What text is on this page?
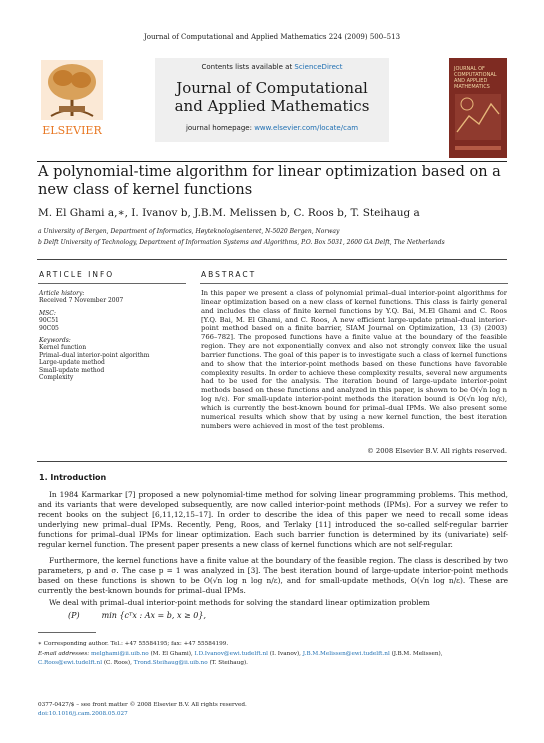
Journal of Computational and Applied Mathematics 224 (2009) 500–513
ELSEVIER
Contents lists available at ScienceDirect
Journal of Computational and Applied Mathematics
journal homepage: www.elsevier.com/locate/cam
JOURNAL OF COMPUTATIONAL AND APPLIED MATHEMATICS
A polynomial-time algorithm for linear optimization based on a new class of kernel functions
M. El Ghami a,∗, I. Ivanov b, J.B.M. Melissen b, C. Roos b, T. Steihaug a
a University of Bergen, Department of Informatics, Høyteknologisenteret, N-5020 Bergen, Norway
b Delft University of Technology, Department of Information Systems and Algorithms, P.O. Box 5031, 2600 GA Delft, The Netherlands
ARTICLE INFO	ABSTRACT
Article history:
Received 7 November 2007
MSC:
90C51
90C05
Keywords:
Kernel function
Primal–dual interior-point algorithm
Large-update method
Small-update method
Complexity
In this paper we present a class of polynomial primal–dual interior-point algorithms for linear optimization based on a new class of kernel functions. This class is fairly general and includes the class of finite kernel functions by Y.Q. Bai, M.El Ghami and C. Roos [Y.Q. Bai, M. El Ghami, and C. Roos, A new efficient large-update primal–dual interior-point method based on a finite barrier, SIAM Journal on Optimization, 13 (3) (2003) 766–782]. The proposed functions have a finite value at the boundary of the feasible region. They are not exponentially convex and also not strongly convex like the usual barrier functions. The goal of this paper is to investigate such a class of kernel functions and to show that the interior-point methods based on these functions have favorable complexity results. In order to achieve these complexity results, several new arguments had to be used for the analysis. The iteration bound of large-update interior-point methods based on these functions and analyzed in this paper, is shown to be O(√n log n log n/ε). For small-update interior-point methods the iteration bound is O(√n log n/ε), which is currently the best-known bound for primal–dual IPMs. We also present some numerical results which show that by using a new kernel function, the best iteration numbers were achieved in most of the test problems.
© 2008 Elsevier B.V. All rights reserved.
1. Introduction
In 1984 Karmarkar [7] proposed a new polynomial-time method for solving linear programming problems. This method, and its variants that were developed subsequently, are now called interior-point methods (IPMs). For a survey we refer to recent books on the subject [6,11,12,15–17]. In order to describe the idea of this paper we need to recall some ideas underlying new primal–dual IPMs. Recently, Peng, Roos, and Terlaky [11] introduced the so-called self-regular barrier functions for primal–dual IPMs for linear optimization. Each such barrier function is determined by its (univariate) self-regular kernel function. The present paper presents a new class of kernel functions which are not self-regular.
Furthermore, the kernel functions have a finite value at the boundary of the feasible region. The class is described by two parameters, p and σ. The case p = 1 was analyzed in [3]. The best iteration bound of large-update interior-point methods based on these functions is shown to be O(√n log n log n/ε), and for small-update methods, O(√n log n/ε). These are currently the best-known bounds for primal–dual IPMs.
We deal with primal–dual interior-point methods for solving the standard linear optimization problem
(P)	min {cᵀx : Ax = b, x ≥ 0},
∗ Corresponding author. Tel.: +47 55584195; fax: +47 55584199.
E-mail addresses: melghami@ii.uib.no (M. El Ghami), I.D.Ivanov@ewi.tudelft.nl (I. Ivanov), J.B.M.Melissen@ewi.tudelft.nl (J.B.M. Melissen),
C.Roos@ewi.tudelft.nl (C. Roos), Trond.Steihaug@ii.uib.no (T. Steihaug).
0377-0427/$ – see front matter © 2008 Elsevier B.V. All rights reserved.
doi:10.1016/j.cam.2008.05.027
